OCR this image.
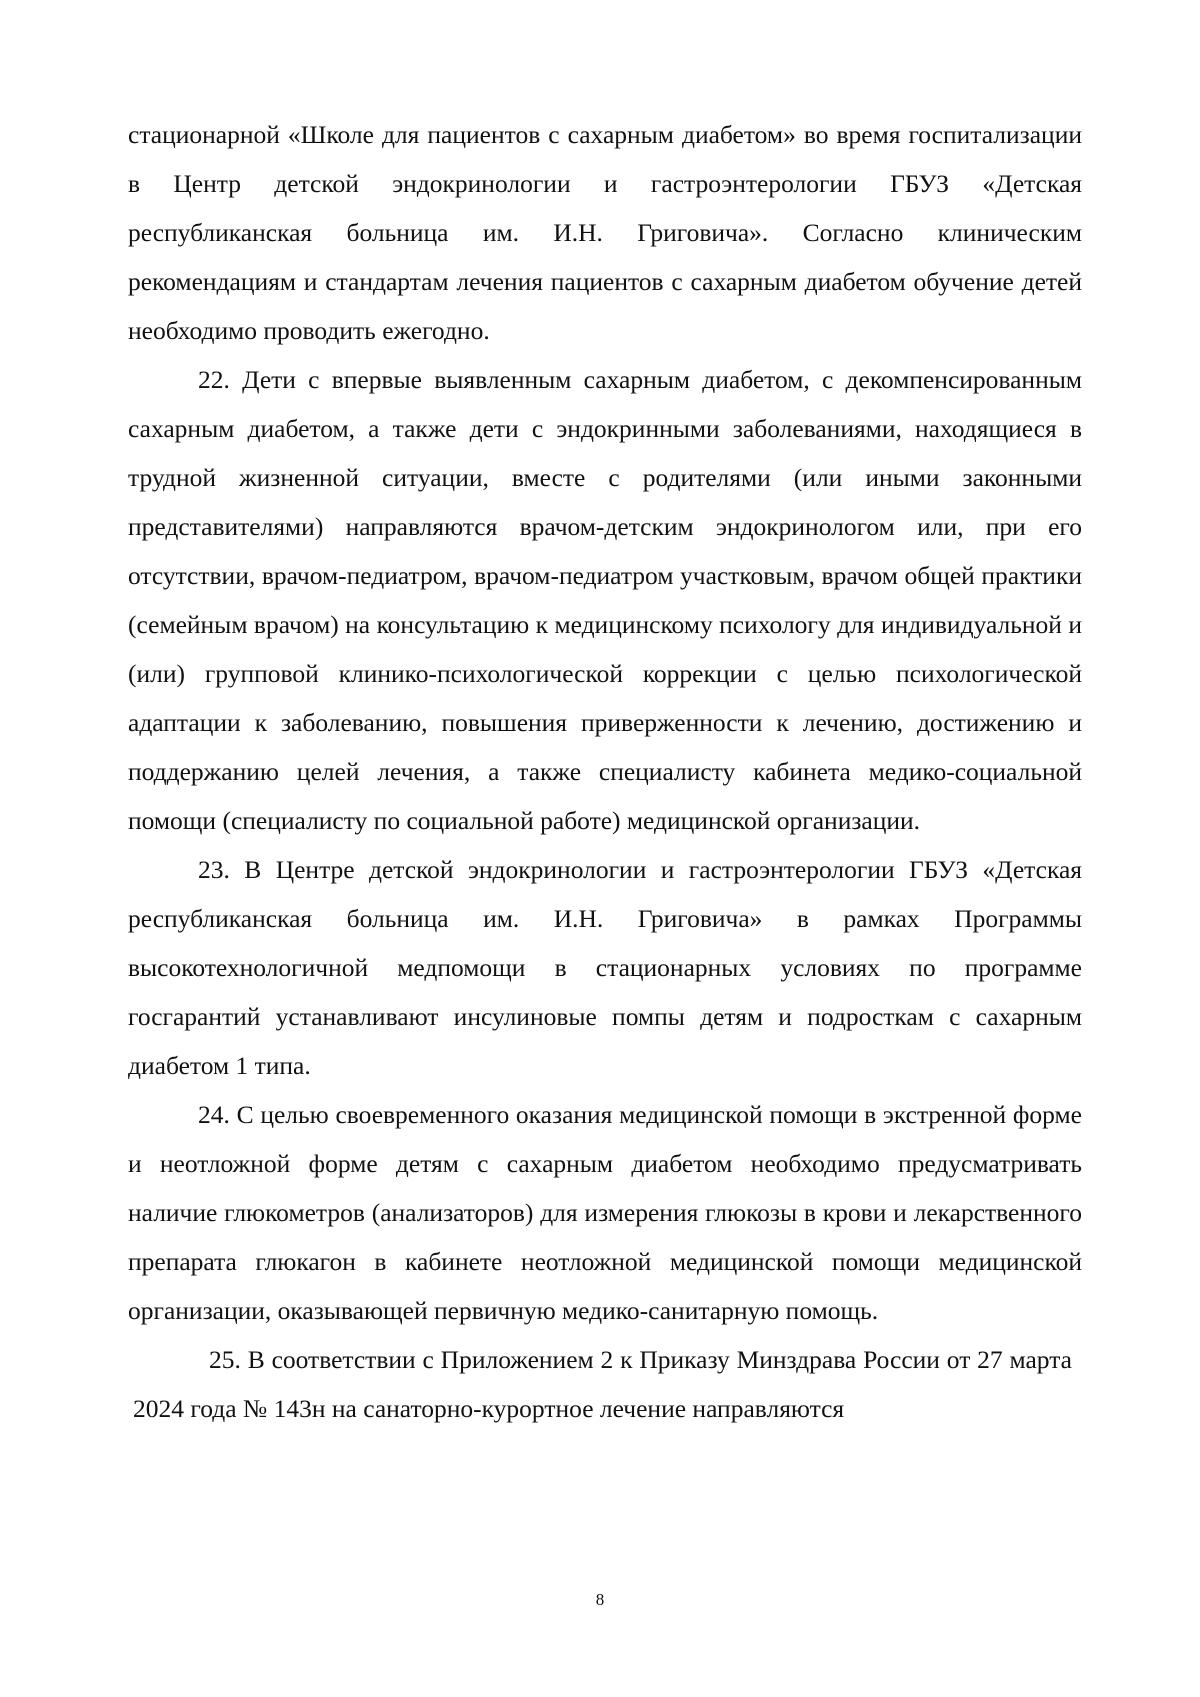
стационарной «Школе для пациентов с сахарным диабетом» во время госпитализации в Центр детской эндокринологии и гастроэнтерологии ГБУЗ «Детская республиканская больница им. И.Н. Григовича». Согласно клиническим рекомендациям и стандартам лечения пациентов с сахарным диабетом обучение детей необходимо проводить ежегодно.

22. Дети с впервые выявленным сахарным диабетом, с декомпенсированным сахарным диабетом, а также дети с эндокринными заболеваниями, находящиеся в трудной жизненной ситуации, вместе с родителями (или иными законными представителями) направляются врачом-детским эндокринологом или, при его отсутствии, врачом-педиатром, врачом-педиатром участковым, врачом общей практики (семейным врачом) на консультацию к медицинскому психологу для индивидуальной и (или) групповой клинико-психологической коррекции с целью психологической адаптации к заболеванию, повышения приверженности к лечению, достижению и поддержанию целей лечения, а также специалисту кабинета медико-социальной помощи (специалисту по социальной работе) медицинской организации.

23. В Центре детской эндокринологии и гастроэнтерологии ГБУЗ «Детская республиканская больница им. И.Н. Григовича» в рамках Программы высокотехнологичной медпомощи в стационарных условиях по программе госгарантий устанавливают инсулиновые помпы детям и подросткам с сахарным диабетом 1 типа.

24. С целью своевременного оказания медицинской помощи в экстренной форме и неотложной форме детям с сахарным диабетом необходимо предусматривать наличие глюкометров (анализаторов) для измерения глюкозы в крови и лекарственного препарата глюкагон в кабинете неотложной медицинской помощи медицинской организации, оказывающей первичную медико-санитарную помощь.

25. В соответствии с Приложением 2 к Приказу Минздрава России от 27 марта 2024 года № 143н на санаторно-курортное лечение направляются

8
